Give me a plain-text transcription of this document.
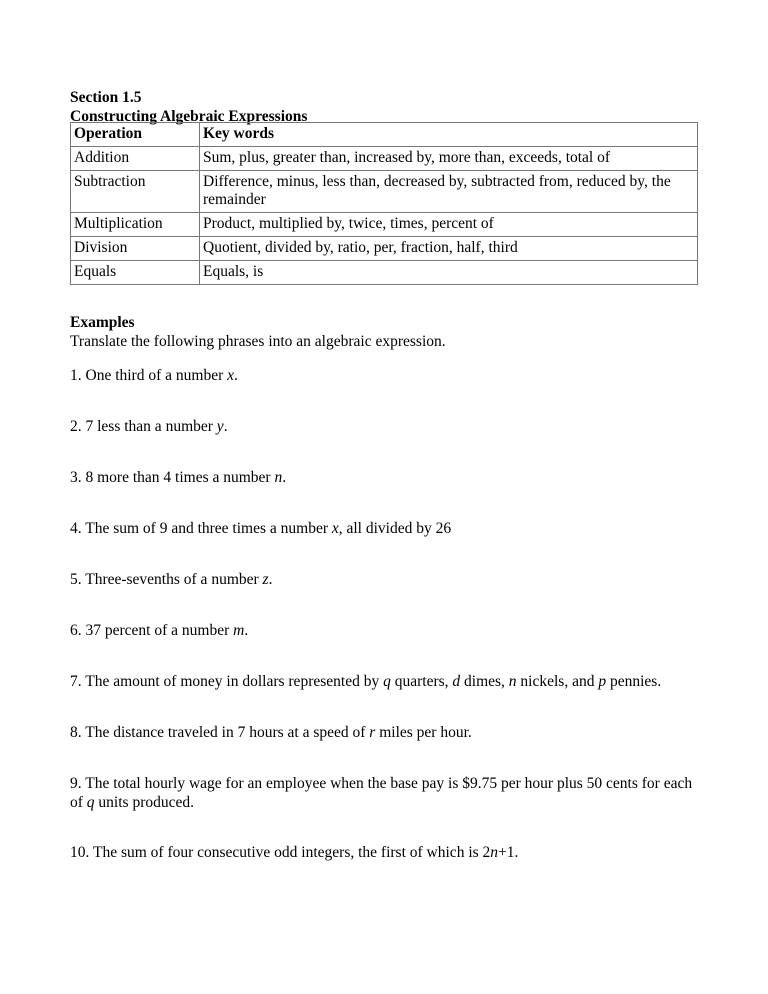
Section 1.5
Constructing Algebraic Expressions
Operation	Key words
Addition	Sum, plus, greater than, increased by, more than, exceeds, total of
Subtraction	Difference, minus, less than, decreased by, subtracted from, reduced by, the remainder
Multiplication	Product, multiplied by, twice, times, percent of
Division	Quotient, divided by, ratio, per, fraction, half, third
Equals	Equals, is
Examples
Translate the following phrases into an algebraic expression.
1. One third of a number x.
2. 7 less than a number y.
3. 8 more than 4 times a number n.
4. The sum of 9 and three times a number x, all divided by 26
5. Three-sevenths of a number z.
6. 37 percent of a number m.
7. The amount of money in dollars represented by q quarters, d dimes, n nickels, and p pennies.
8. The distance traveled in 7 hours at a speed of r miles per hour.
9. The total hourly wage for an employee when the base pay is $9.75 per hour plus 50 cents for each of q units produced.
10. The sum of four consecutive odd integers, the first of which is 2n+1.
